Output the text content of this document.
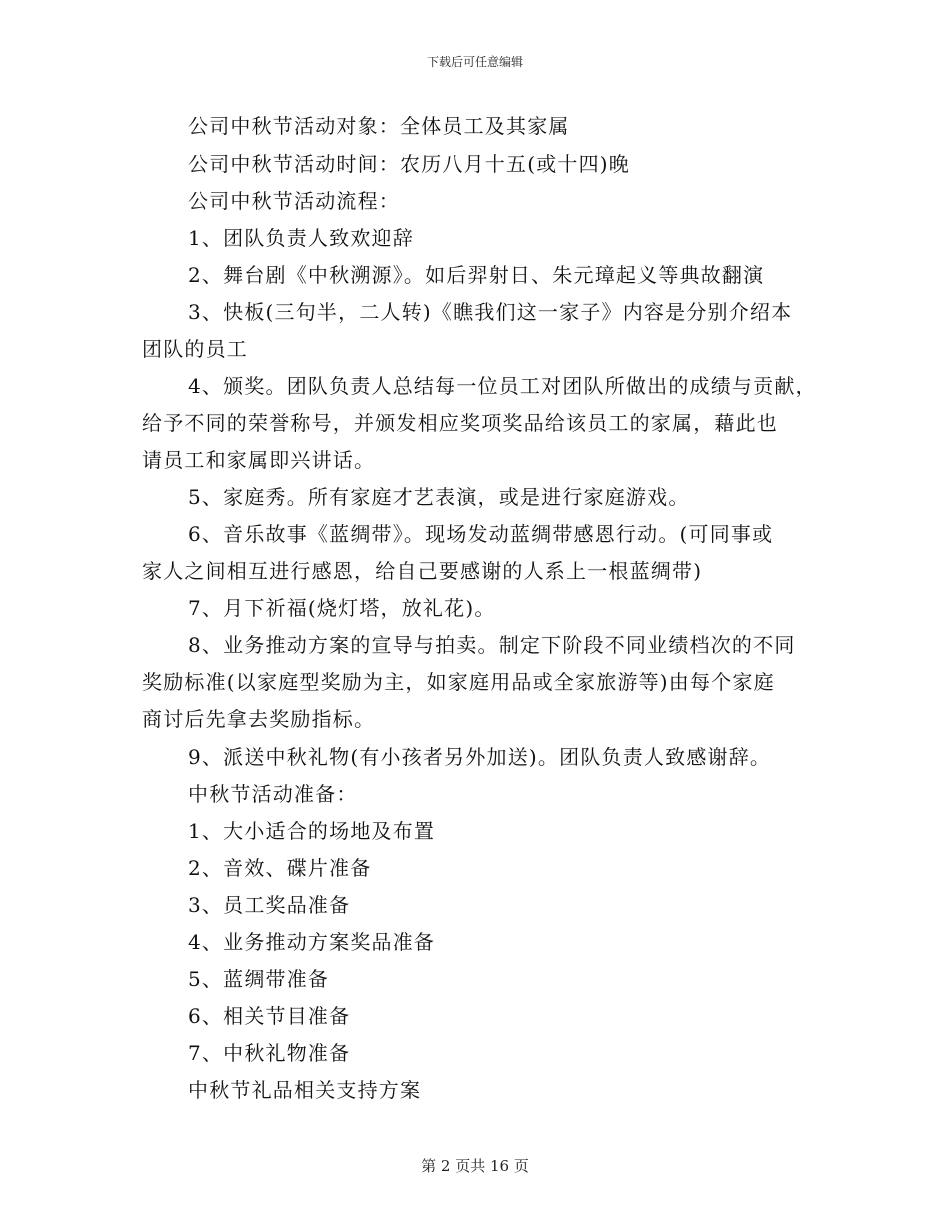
下载后可任意编辑
公司中秋节活动对象：全体员工及其家属
公司中秋节活动时间：农历八月十五(或十四)晚
公司中秋节活动流程：
1、团队负责人致欢迎辞
2、舞台剧《中秋溯源》。如后羿射日、朱元璋起义等典故翻演
3、快板(三句半，二人转)《瞧我们这一家子》内容是分别介绍本
团队的员工
4、颁奖。团队负责人总结每一位员工对团队所做出的成绩与贡献，
给予不同的荣誉称号，并颁发相应奖项奖品给该员工的家属，藉此也
请员工和家属即兴讲话。
5、家庭秀。所有家庭才艺表演，或是进行家庭游戏。
6、音乐故事《蓝绸带》。现场发动蓝绸带感恩行动。(可同事或
家人之间相互进行感恩，给自己要感谢的人系上一根蓝绸带)
7、月下祈福(烧灯塔，放礼花)。
8、业务推动方案的宣导与拍卖。制定下阶段不同业绩档次的不同
奖励标准(以家庭型奖励为主，如家庭用品或全家旅游等)由每个家庭
商讨后先拿去奖励指标。
9、派送中秋礼物(有小孩者另外加送)。团队负责人致感谢辞。
中秋节活动准备：
1、大小适合的场地及布置
2、音效、碟片准备
3、员工奖品准备
4、业务推动方案奖品准备
5、蓝绸带准备
6、相关节目准备
7、中秋礼物准备
中秋节礼品相关支持方案
第 2 页共 16 页
